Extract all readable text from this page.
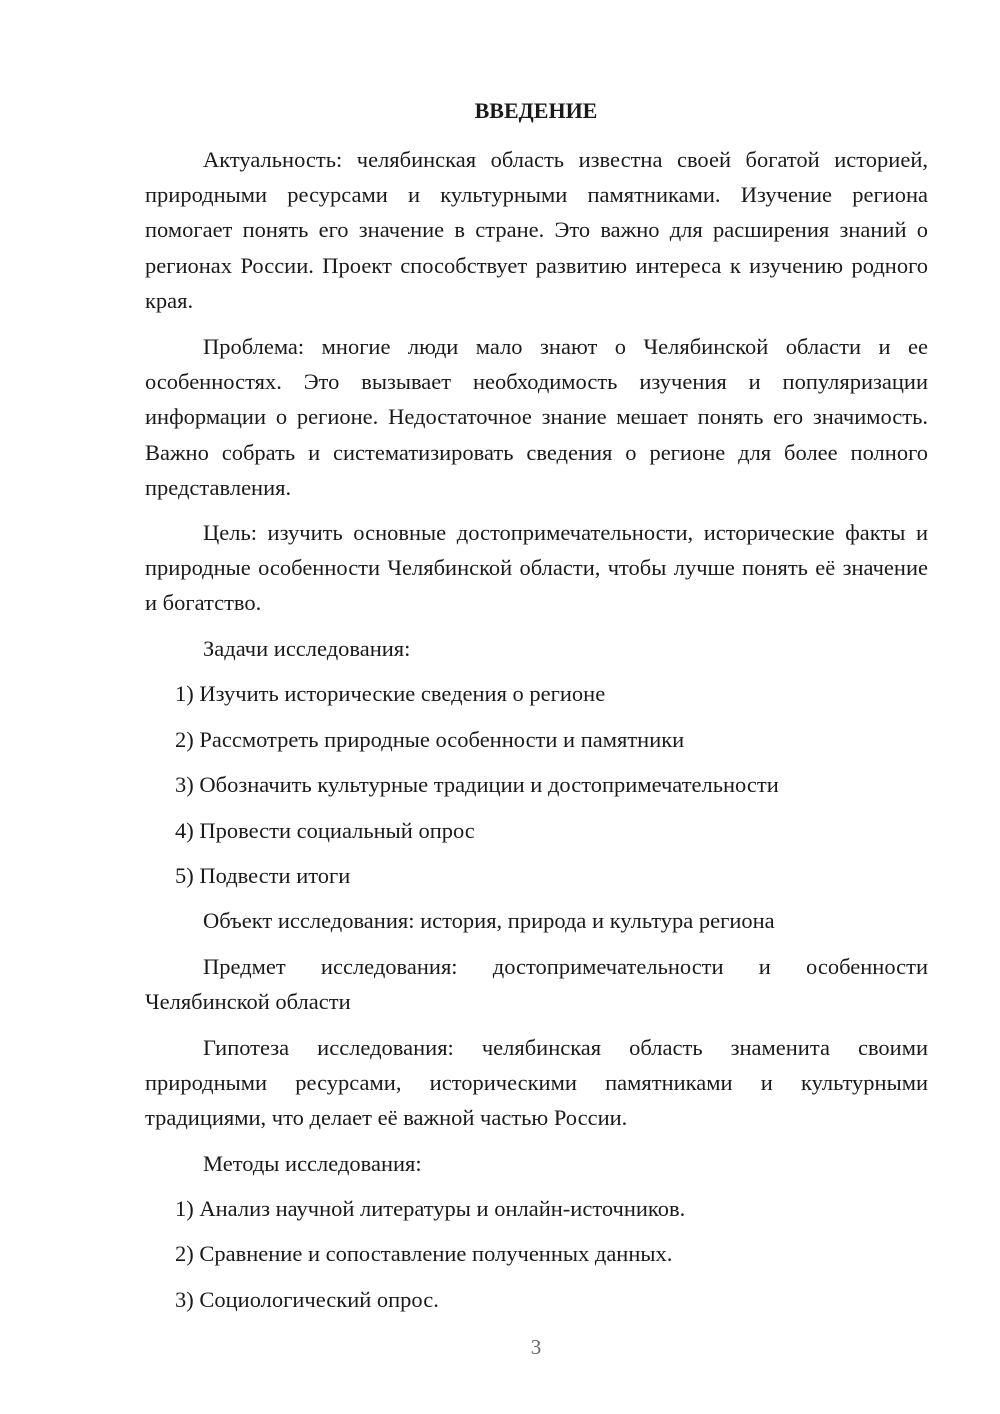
ВВЕДЕНИЕ

Актуальность: челябинская область известна своей богатой историей, природными ресурсами и культурными памятниками. Изучение региона помогает понять его значение в стране. Это важно для расширения знаний о регионах России. Проект способствует развитию интереса к изучению родного края.

Проблема: многие люди мало знают о Челябинской области и ее особенностях. Это вызывает необходимость изучения и популяризации информации о регионе. Недостаточное знание мешает понять его значимость. Важно собрать и систематизировать сведения о регионе для более полного представления.

Цель: изучить основные достопримечательности, исторические факты и природные особенности Челябинской области, чтобы лучше понять её значение и богатство.

Задачи исследования:
1) Изучить исторические сведения о регионе
2) Рассмотреть природные особенности и памятники
3) Обозначить культурные традиции и достопримечательности
4) Провести социальный опрос
5) Подвести итоги
Объект исследования: история, природа и культура региона

Предмет исследования: достопримечательности и особенности Челябинской области

Гипотеза исследования: челябинская область знаменита своими природными ресурсами, историческими памятниками и культурными традициями, что делает её важной частью России.

Методы исследования:
1) Анализ научной литературы и онлайн-источников.
2) Сравнение и сопоставление полученных данных.
3) Социологический опрос.
3
